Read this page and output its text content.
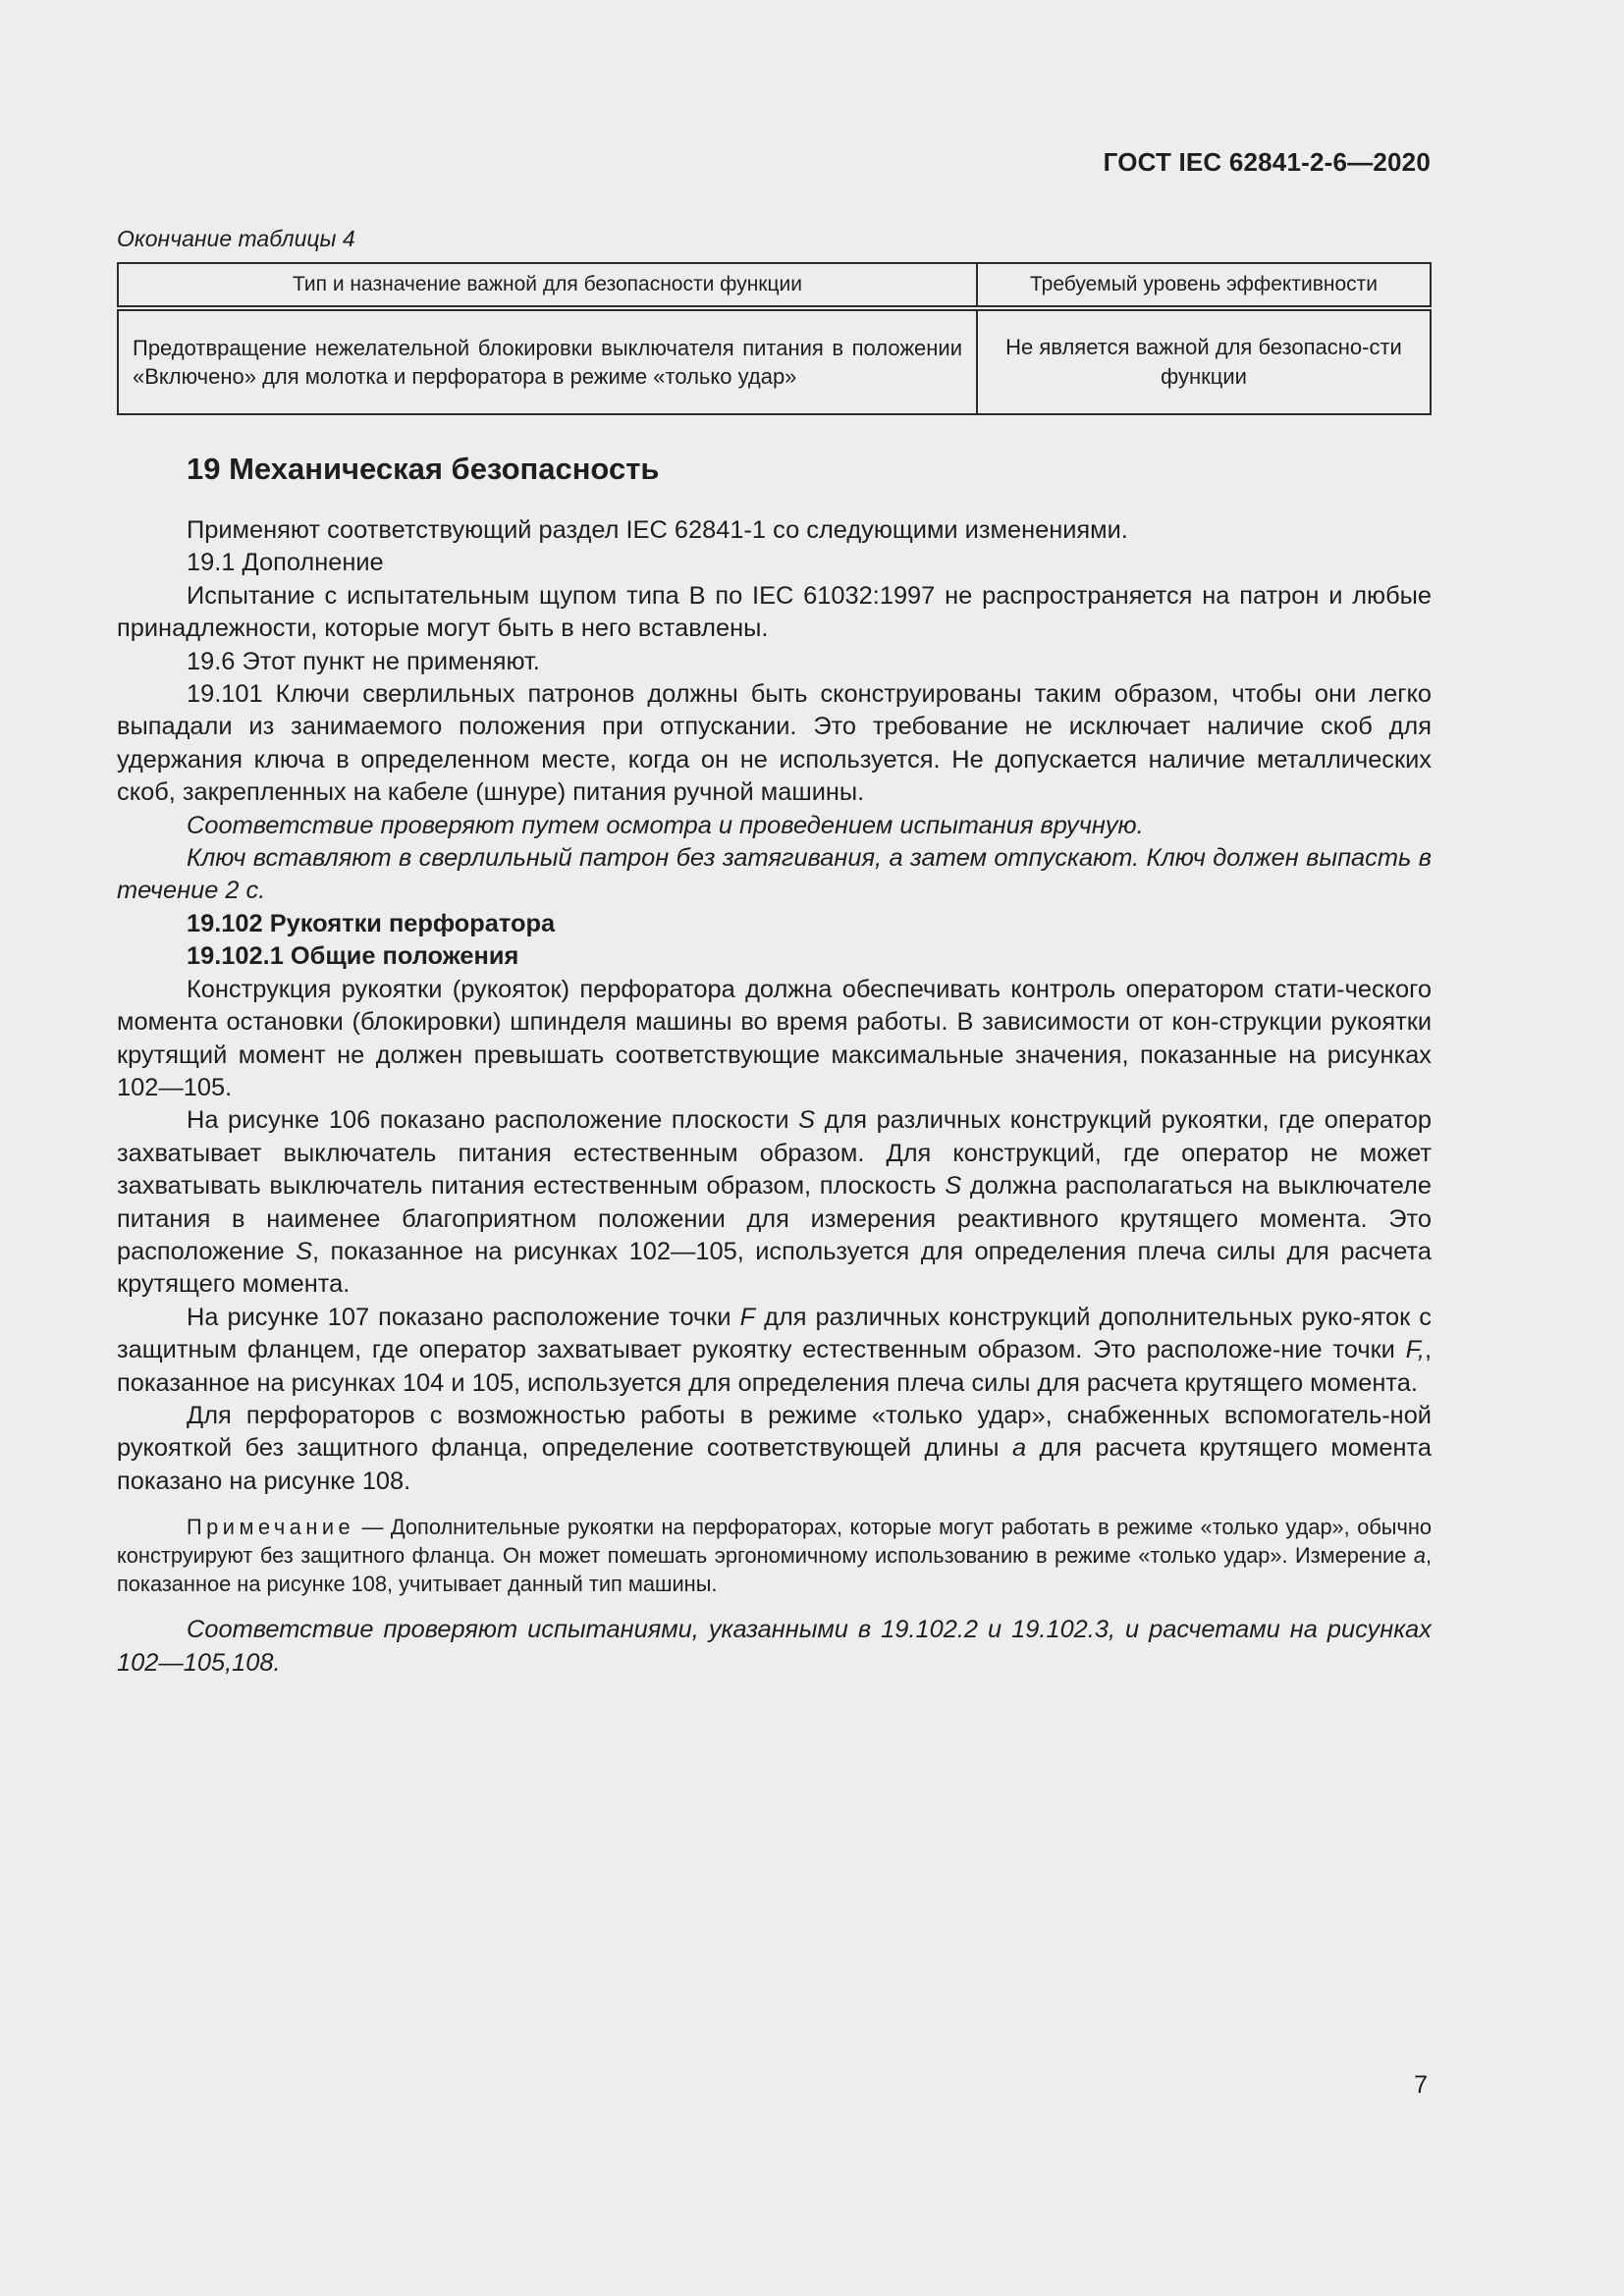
ГОСТ IEC 62841-2-6—2020
Окончание таблицы 4
Тип и назначение важной для безопасности функции	Требуемый уровень эффективности
Предотвращение нежелательной блокировки выключателя питания в положении «Включено» для молотка и перфоратора в режиме «только удар»	Не является важной для безопасно-сти функции
19 Механическая безопасность

Применяют соответствующий раздел IEC 62841-1 со следующими изменениями.

19.1 Дополнение

Испытание с испытательным щупом типа В по IEC 61032:1997 не распространяется на патрон и любые принадлежности, которые могут быть в него вставлены.

19.6 Этот пункт не применяют.

19.101 Ключи сверлильных патронов должны быть сконструированы таким образом, чтобы они легко выпадали из занимаемого положения при отпускании. Это требование не исключает наличие скоб для удержания ключа в определенном месте, когда он не используется. Не допускается наличие металлических скоб, закрепленных на кабеле (шнуре) питания ручной машины.

Соответствие проверяют путем осмотра и проведением испытания вручную.

Ключ вставляют в сверлильный патрон без затягивания, а затем отпускают. Ключ должен выпасть в течение 2 с.

19.102 Рукоятки перфоратора

19.102.1 Общие положения

Конструкция рукоятки (рукояток) перфоратора должна обеспечивать контроль оператором стати-ческого момента остановки (блокировки) шпинделя машины во время работы. В зависимости от кон-струкции рукоятки крутящий момент не должен превышать соответствующие максимальные значения, показанные на рисунках 102—105.

На рисунке 106 показано расположение плоскости S для различных конструкций рукоятки, где оператор захватывает выключатель питания естественным образом. Для конструкций, где оператор не может захватывать выключатель питания естественным образом, плоскость S должна располагаться на выключателе питания в наименее благоприятном положении для измерения реактивного крутящего момента. Это расположение S, показанное на рисунках 102—105, используется для определения плеча силы для расчета крутящего момента.

На рисунке 107 показано расположение точки F для различных конструкций дополнительных руко-яток с защитным фланцем, где оператор захватывает рукоятку естественным образом. Это расположе-ние точки F,, показанное на рисунках 104 и 105, используется для определения плеча силы для расчета крутящего момента.

Для перфораторов с возможностью работы в режиме «только удар», снабженных вспомогатель-ной рукояткой без защитного фланца, определение соответствующей длины а для расчета крутящего момента показано на рисунке 108.

Примечание — Дополнительные рукоятки на перфораторах, которые могут работать в режиме «только удар», обычно конструируют без защитного фланца. Он может помешать эргономичному использованию в режиме «только удар». Измерение а, показанное на рисунке 108, учитывает данный тип машины.

Соответствие проверяют испытаниями, указанными в 19.102.2 и 19.102.3, и расчетами на рисунках 102—105,108.

7
